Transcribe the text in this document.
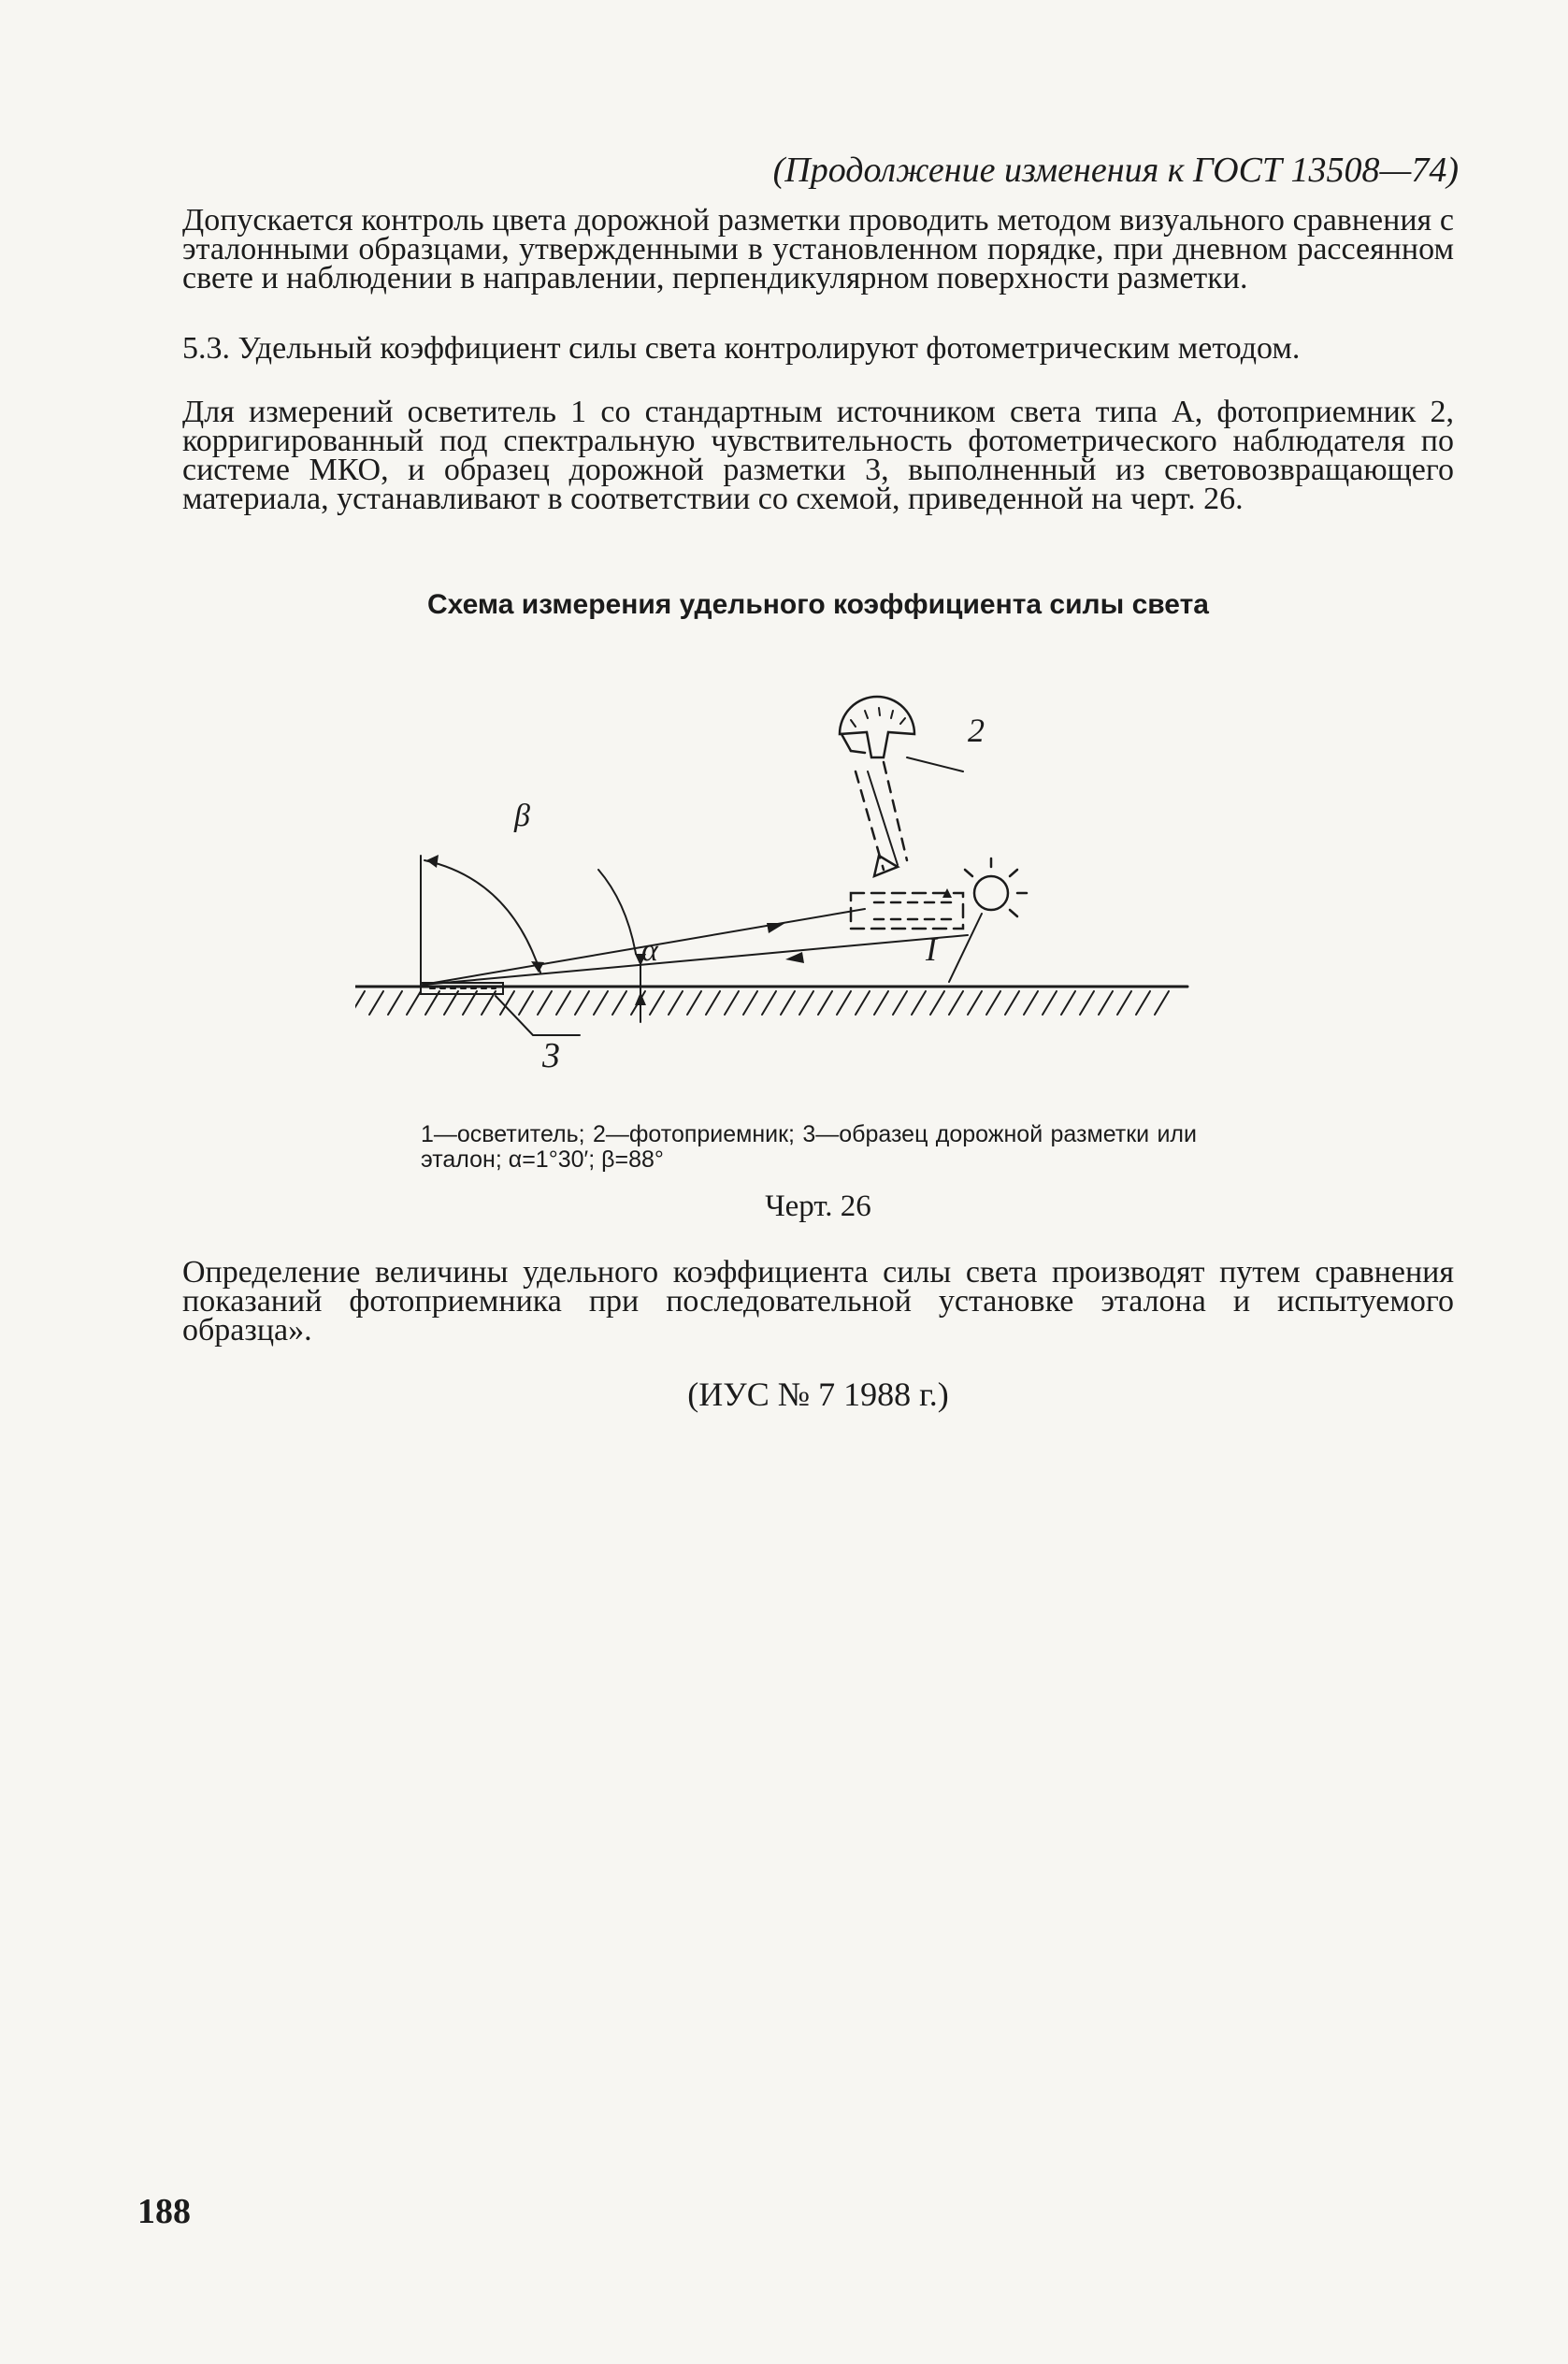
(Продолжение изменения к ГОСТ 13508—74)
Допускается контроль цвета дорожной разметки проводить методом визуального сравнения с эталонными образцами, утвержденными в установленном порядке, при дневном рассеянном свете и наблюдении в направлении, перпендикулярном поверхности разметки.
5.3. Удельный коэффициент силы света контролируют фотометрическим методом.
Для измерений осветитель 1 со стандартным источником света типа А, фотоприемник 2, корригированный под спектральную чувствительность фотометрического наблюдателя по системе МКО, и образец дорожной разметки 3, выполненный из световозвращающего материала, устанавливают в соответствии со схемой, приведенной на черт. 26.
Схема измерения удельного коэффициента силы света
β
α
2
I
3
1—осветитель; 2—фотоприемник; 3—образец дорожной разметки или эталон; α=1°30′; β=88°
Черт. 26
Определение величины удельного коэффициента силы света производят путем сравнения показаний фотоприемника при последовательной установке эталона и испытуемого образца».
(ИУС № 7 1988 г.)
188
